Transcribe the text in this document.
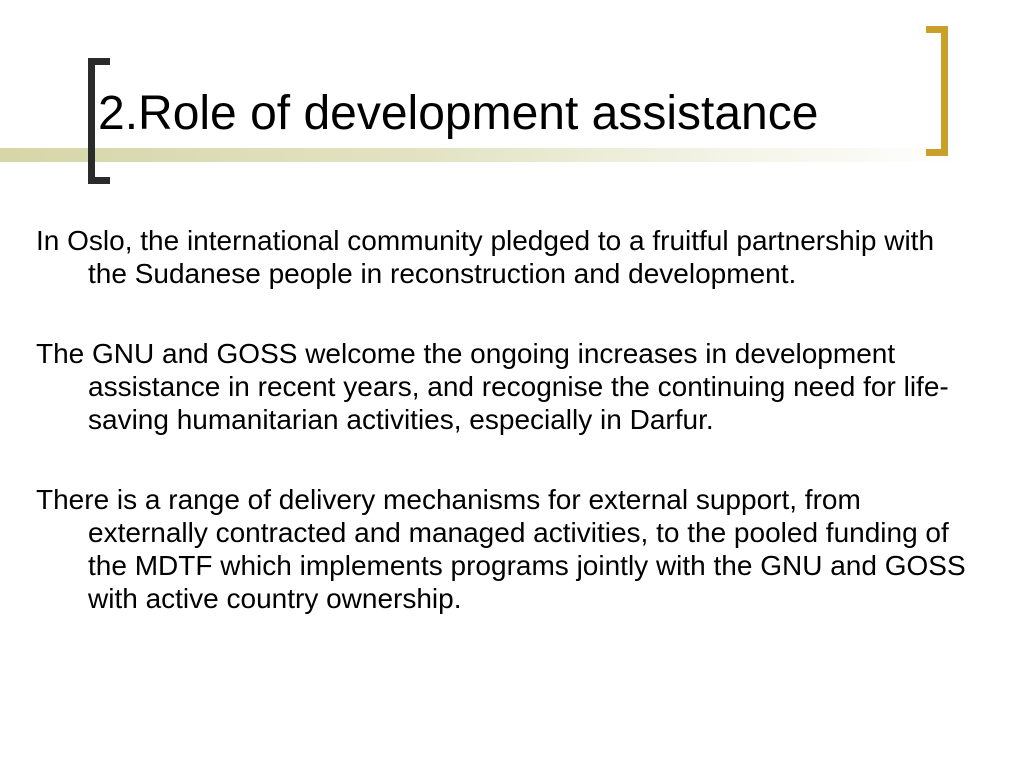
2.Role of development assistance

In Oslo, the international community pledged to a fruitful partnership with the Sudanese people in reconstruction and development.

The GNU and GOSS welcome the ongoing increases in development assistance in recent years, and recognise the continuing need for life-saving humanitarian activities, especially in Darfur.

There is a range of delivery mechanisms for external support, from externally contracted and managed activities, to the pooled funding of the MDTF which implements programs jointly with the GNU and GOSS with active country ownership.
